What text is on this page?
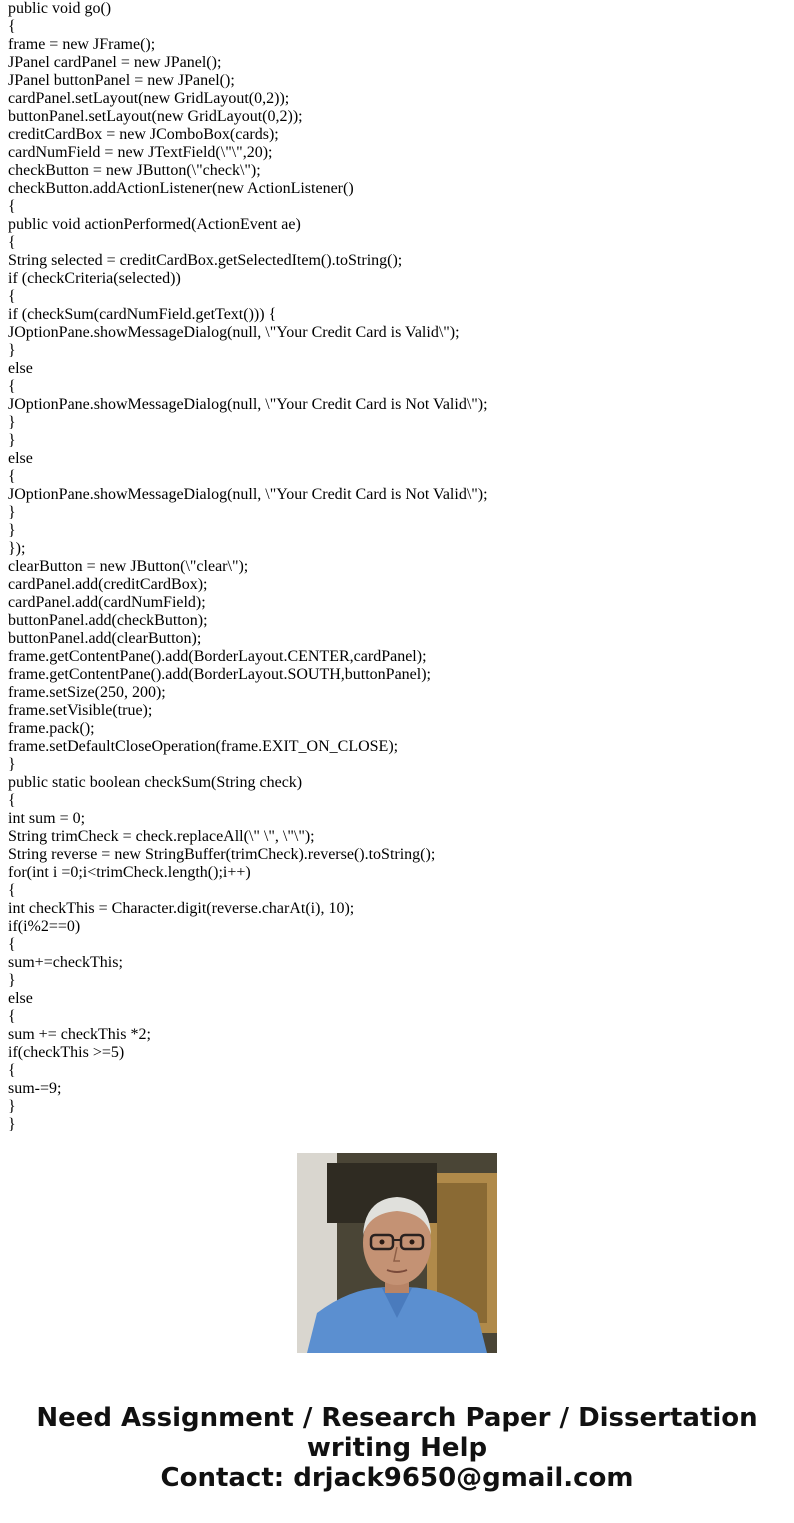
public void go()
{
frame = new JFrame();
JPanel cardPanel = new JPanel();
JPanel buttonPanel = new JPanel();
cardPanel.setLayout(new GridLayout(0,2));
buttonPanel.setLayout(new GridLayout(0,2));
creditCardBox = new JComboBox(cards);
cardNumField = new JTextField(\"\",20);
checkButton = new JButton(\"check\");
checkButton.addActionListener(new ActionListener()
{
public void actionPerformed(ActionEvent ae)
{
String selected = creditCardBox.getSelectedItem().toString();
if (checkCriteria(selected))
{
if (checkSum(cardNumField.getText())) {
JOptionPane.showMessageDialog(null, \"Your Credit Card is Valid\");
}
else
{
JOptionPane.showMessageDialog(null, \"Your Credit Card is Not Valid\");
}
}
else
{
JOptionPane.showMessageDialog(null, \"Your Credit Card is Not Valid\");
}
}
});
clearButton = new JButton(\"clear\");
cardPanel.add(creditCardBox);
cardPanel.add(cardNumField);
buttonPanel.add(checkButton);
buttonPanel.add(clearButton);
frame.getContentPane().add(BorderLayout.CENTER,cardPanel);
frame.getContentPane().add(BorderLayout.SOUTH,buttonPanel);
frame.setSize(250, 200);
frame.setVisible(true);
frame.pack();
frame.setDefaultCloseOperation(frame.EXIT_ON_CLOSE);
}
public static boolean checkSum(String check)
{
int sum = 0;
String trimCheck = check.replaceAll(\" \", \"\");
String reverse = new StringBuffer(trimCheck).reverse().toString();
for(int i =0;i<trimCheck.length();i++)
{
int checkThis = Character.digit(reverse.charAt(i), 10);
if(i%2==0)
{
sum+=checkThis;
}
else
{
sum += checkThis *2;
if(checkThis >=5)
{
sum-=9;
}
}
Need Assignment / Research Paper / Dissertation
writing Help
Contact: drjack9650@gmail.com
